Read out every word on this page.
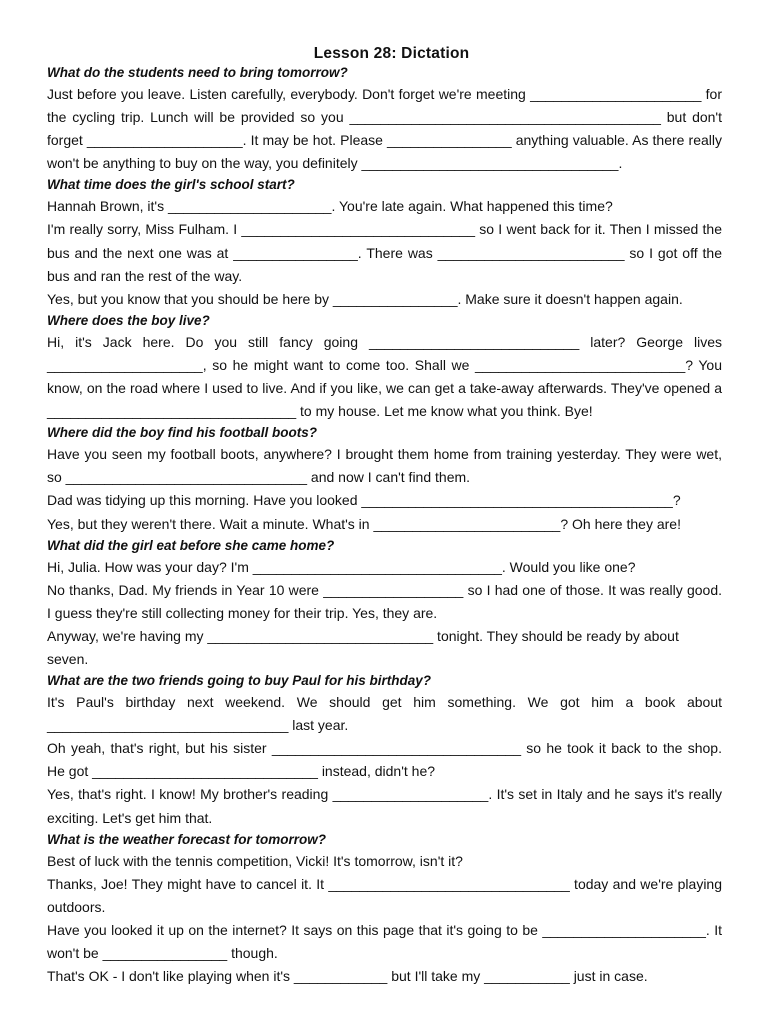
Lesson 28: Dictation

What do the students need to bring tomorrow?

Just before you leave. Listen carefully, everybody. Don't forget we're meeting ______________________ for the cycling trip. Lunch will be provided so you ________________________________________ but don't forget ____________________. It may be hot. Please ________________ anything valuable. As there really won't be anything to buy on the way, you definitely _________________________________.

What time does the girl's school start?

Hannah Brown, it's _____________________. You're late again. What happened this time?

I'm really sorry, Miss Fulham. I ______________________________ so I went back for it. Then I missed the bus and the next one was at ________________. There was ________________________ so I got off the bus and ran the rest of the way.

Yes, but you know that you should be here by ________________. Make sure it doesn't happen again.

Where does the boy live?

Hi, it's Jack here. Do you still fancy going ___________________________ later? George lives ____________________, so he might want to come too. Shall we ___________________________? You know, on the road where I used to live. And if you like, we can get a take-away afterwards. They've opened a ________________________________ to my house. Let me know what you think. Bye!

Where did the boy find his football boots?

Have you seen my football boots, anywhere? I brought them home from training yesterday. They were wet, so _______________________________ and now I can't find them.

Dad was tidying up this morning. Have you looked ________________________________________?

Yes, but they weren't there. Wait a minute. What's in ________________________? Oh here they are!

What did the girl eat before she came home?

Hi, Julia. How was your day? I'm ________________________________. Would you like one?

No thanks, Dad. My friends in Year 10 were __________________ so I had one of those. It was really good. I guess they're still collecting money for their trip. Yes, they are.

Anyway, we're having my _____________________________ tonight. They should be ready by about seven.

What are the two friends going to buy Paul for his birthday?

It's Paul's birthday next weekend. We should get him something. We got him a book about _______________________________ last year.

Oh yeah, that's right, but his sister ________________________________ so he took it back to the shop. He got _____________________________ instead, didn't he?

Yes, that's right. I know! My brother's reading ____________________. It's set in Italy and he says it's really exciting. Let's get him that.

What is the weather forecast for tomorrow?

Best of luck with the tennis competition, Vicki! It's tomorrow, isn't it?

Thanks, Joe! They might have to cancel it. It _______________________________ today and we're playing outdoors.

Have you looked it up on the internet? It says on this page that it's going to be _____________________. It won't be ________________ though.

That's OK - I don't like playing when it's ____________ but I'll take my ___________ just in case.
